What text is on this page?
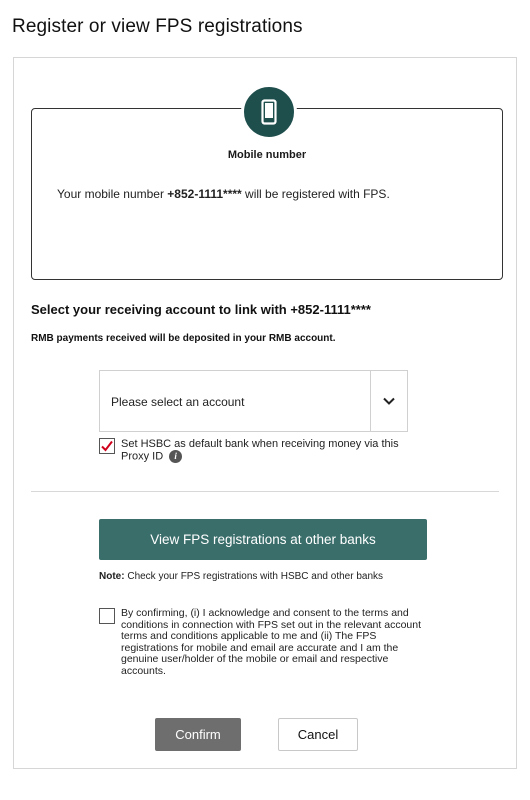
Register or view FPS registrations
Mobile number
Your mobile number +852-1111**** will be registered with FPS.
Select your receiving account to link with +852-1111****
RMB payments received will be deposited in your RMB account.
Please select an account
Set HSBC as default bank when receiving money via this Proxy ID i
View FPS registrations at other banks
Note: Check your FPS registrations with HSBC and other banks
By confirming, (i) I acknowledge and consent to the terms and conditions in connection with FPS set out in the relevant account terms and conditions applicable to me and (ii) The FPS registrations for mobile and email are accurate and I am the genuine user/holder of the mobile or email and respective accounts.
Confirm	Cancel
